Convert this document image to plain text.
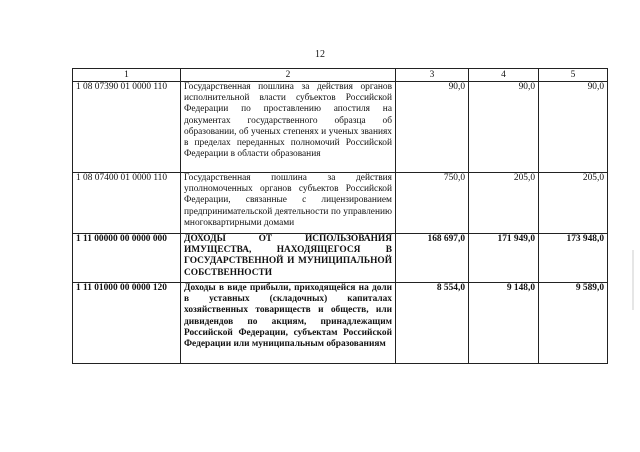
12
1	2	3	4	5
1 08 07390 01 0000 110	Государственная пошлина за действия органов исполнительной власти субъектов Российской Федерации по проставлению апостиля на документах государственного образца об образовании, об ученых степенях и ученых званиях в пределах переданных полномочий Российской Федерации в области образования	90,0	90,0	90,0
1 08 07400 01 0000 110	Государственная пошлина за действия уполномоченных органов субъектов Российской Федерации, связанные с лицензированием предпринимательской деятельности по управлению многоквартирными домами	750,0	205,0	205,0
1 11 00000 00 0000 000	ДОХОДЫ ОТ ИСПОЛЬЗОВАНИЯ ИМУЩЕСТВА, НАХОДЯЩЕГОСЯ В ГОСУДАРСТВЕННОЙ И МУНИЦИПАЛЬНОЙ СОБСТВЕННОСТИ	168 697,0	171 949,0	173 948,0
1 11 01000 00 0000 120	Доходы в виде прибыли, приходящейся на доли в уставных (складочных) капиталах хозяйственных товариществ и обществ, или дивидендов по акциям, принадлежащим Российской Федерации, субъектам Российской Федерации или муниципальным образованиям	8 554,0	9 148,0	9 589,0
